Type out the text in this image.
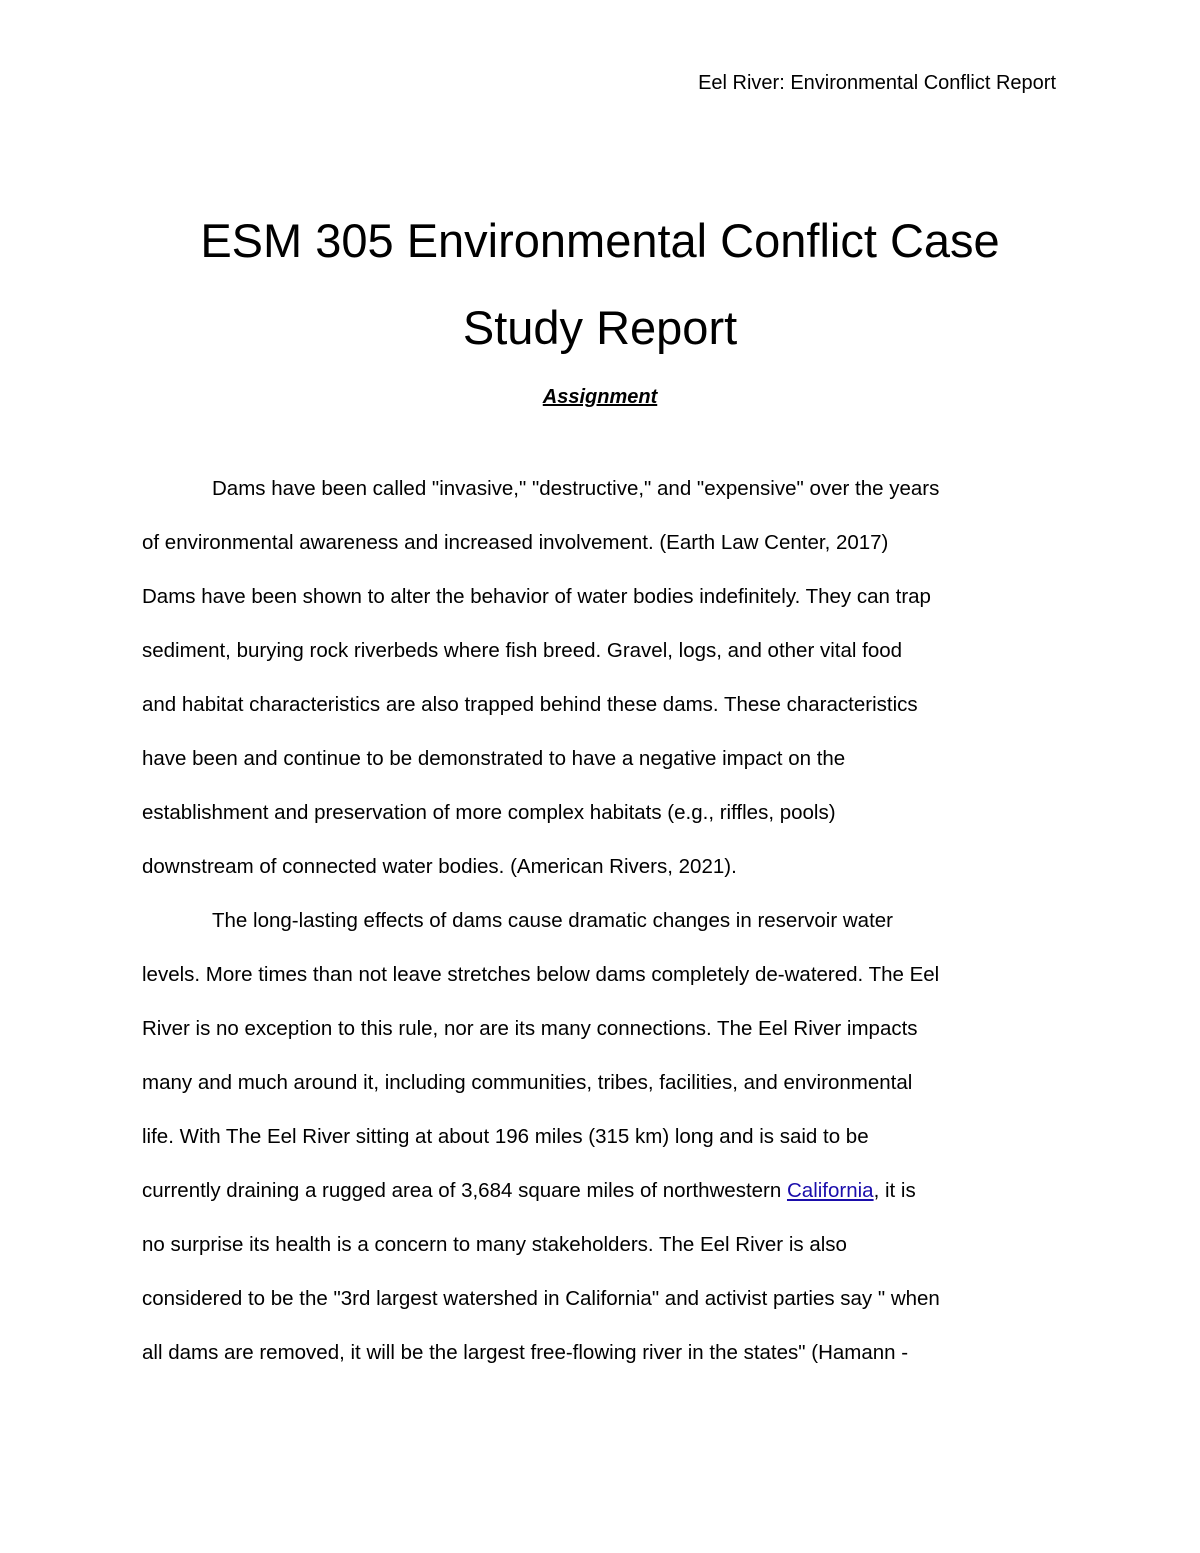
Eel River: Environmental Conflict Report
ESM 305 Environmental Conflict Case
Study Report
Assignment
Dams have been called "invasive," "destructive," and "expensive" over the years
of environmental awareness and increased involvement. (Earth Law Center, 2017)
Dams have been shown to alter the behavior of water bodies indefinitely. They can trap
sediment, burying rock riverbeds where fish breed. Gravel, logs, and other vital food
and habitat characteristics are also trapped behind these dams. These characteristics
have been and continue to be demonstrated to have a negative impact on the
establishment and preservation of more complex habitats (e.g., riffles, pools)
downstream of connected water bodies. (American Rivers, 2021).
The long-lasting effects of dams cause dramatic changes in reservoir water
levels. More times than not leave stretches below dams completely de-watered. The Eel
River is no exception to this rule, nor are its many connections. The Eel River impacts
many and much around it, including communities, tribes, facilities, and environmental
life. With The Eel River sitting at about 196 miles (315 km) long and is said to be
currently draining a rugged area of 3,684 square miles of northwestern California, it is
no surprise its health is a concern to many stakeholders. The Eel River is also
considered to be the "3rd largest watershed in California" and activist parties say " when
all dams are removed, it will be the largest free-flowing river in the states" (Hamann -
